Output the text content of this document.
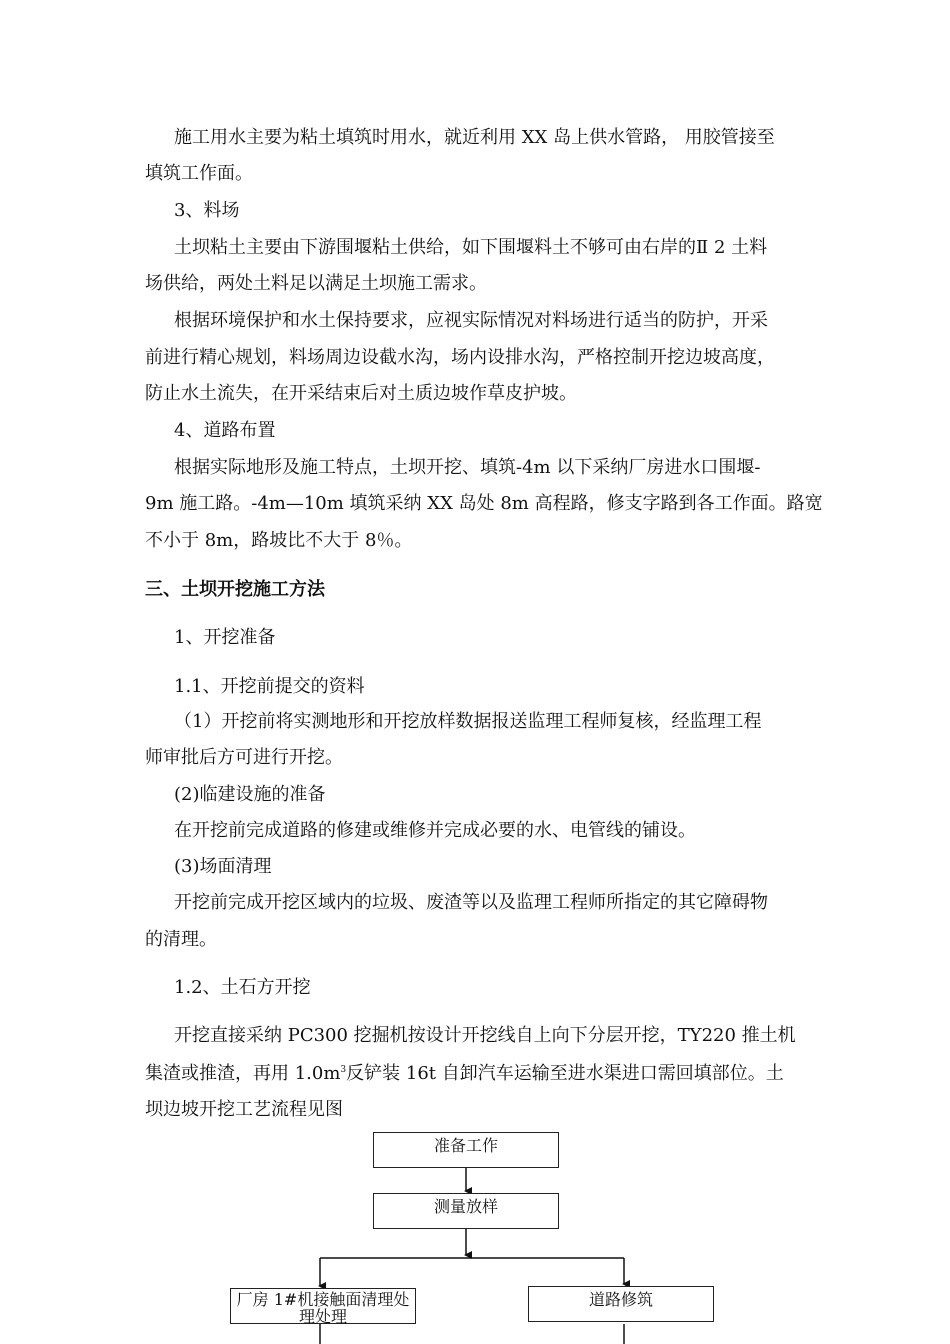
施工用水主要为粘土填筑时用水，就近利用 XX 岛上供水管路， 用胶管接至
填筑工作面。
3、料场
土坝粘土主要由下游围堰粘土供给，如下围堰料土不够可由右岸的Ⅱ 2 土料
场供给，两处土料足以满足土坝施工需求。
根据环境保护和水土保持要求，应视实际情况对料场进行适当的防护，开采
前进行精心规划，料场周边设截水沟，场内设排水沟，严格控制开挖边坡高度，
防止水土流失，在开采结束后对土质边坡作草皮护坡。
4、道路布置
根据实际地形及施工特点，土坝开挖、填筑-4m 以下采纳厂房进水口围堰-
9m 施工路。-4m—10m 填筑采纳 XX 岛处 8m 高程路，修支字路到各工作面。路宽
不小于 8m，路坡比不大于 8％。
三、土坝开挖施工方法
1、开挖准备
1.1、开挖前提交的资料
（1）开挖前将实测地形和开挖放样数据报送监理工程师复核，经监理工程
师审批后方可进行开挖。
(2)临建设施的准备
在开挖前完成道路的修建或维修并完成必要的水、电管线的铺设。
(3)场面清理
开挖前完成开挖区域内的垃圾、废渣等以及监理工程师所指定的其它障碍物
的清理。
1.2、土石方开挖
开挖直接采纳 PC300 挖掘机按设计开挖线自上向下分层开挖，TY220 推土机
集渣或推渣，再用 $1.0m^3$反铲装 16t 自卸汽车运输至进水渠进口需回填部位。土
坝边坡开挖工艺流程见图
准备工作
测量放样
厂房 1#机接触面清理处
理处理
道路修筑
